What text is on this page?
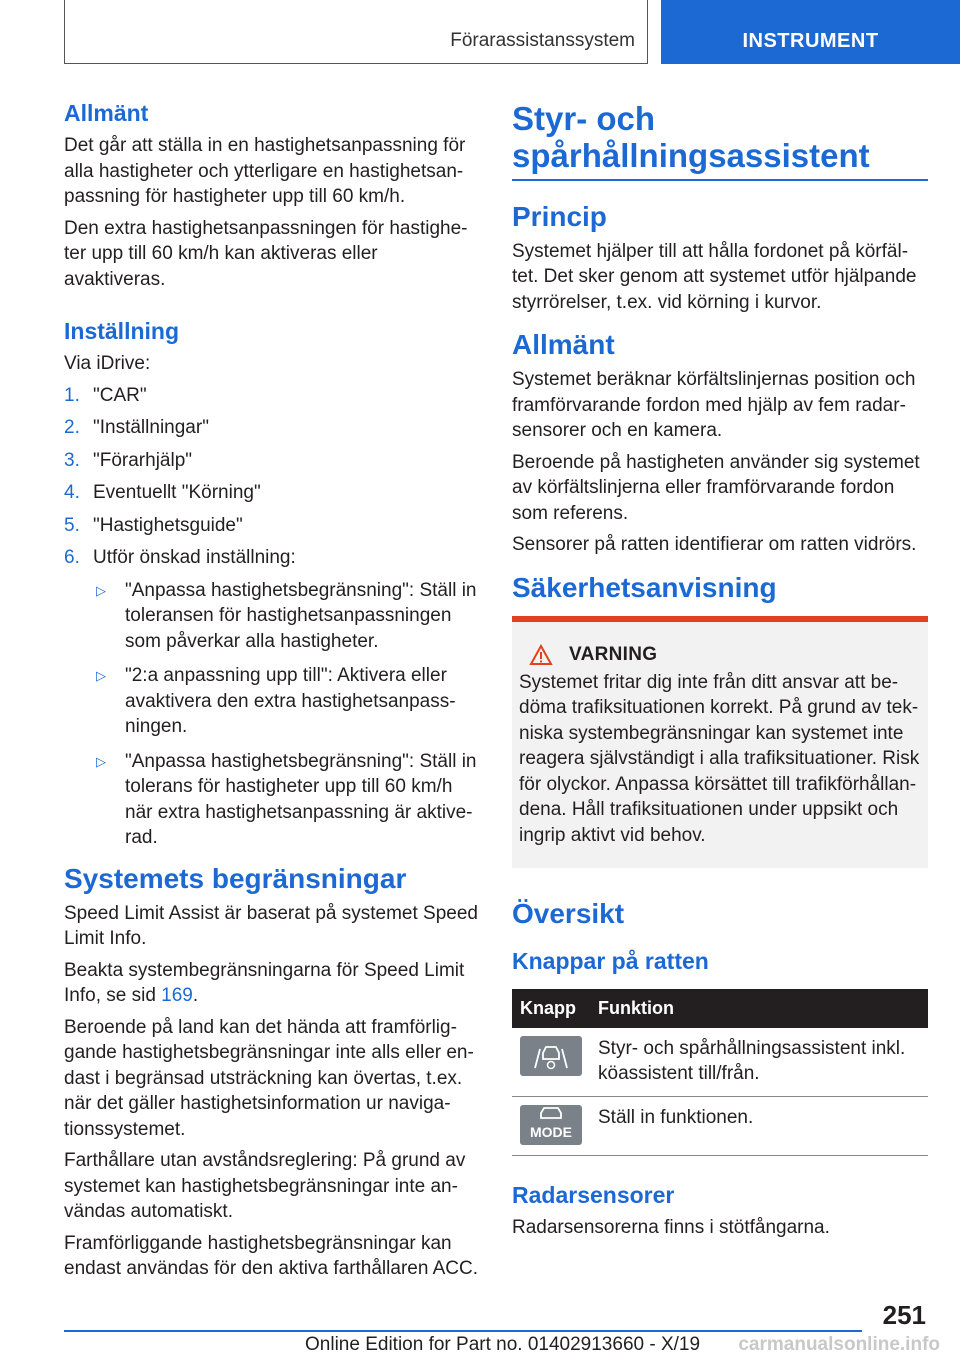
Förarassistanssystem	INSTRUMENT
Allmänt

Det går att ställa in en hastighetsanpassning för alla hastigheter och ytterligare en hastighetsan-passning för hastigheter upp till 60 km/h.

Den extra hastighetsanpassningen för hastighe-ter upp till 60 km/h kan aktiveras eller avaktiveras.

Inställning

Via iDrive:

1. "CAR"
2. "Inställningar"
3. "Förarhjälp"
4. Eventuellt "Körning"
5. "Hastighetsguide"
6. Utför önskad inställning:
▷	"Anpassa hastighetsbegränsning": Ställ in toleransen för hastighetsanpassningen som påverkar alla hastigheter.
▷	"2:a anpassning upp till": Aktivera eller avaktivera den extra hastighetsanpass-ningen.
▷	"Anpassa hastighetsbegränsning": Ställ in tolerans för hastigheter upp till 60 km/h när extra hastighetsanpassning är aktive-rad.
Systemets begränsningar

Speed Limit Assist är baserat på systemet Speed Limit Info.

Beakta systembegränsningarna för Speed Limit Info, se sid 169.

Beroende på land kan det hända att framförlig-gande hastighetsbegränsningar inte alls eller en-dast i begränsad utsträckning kan övertas, t.ex. när det gäller hastighetsinformation ur naviga-tionssystemet.

Farthållare utan avståndsreglering: På grund av systemet kan hastighetsbegränsningar inte an-vändas automatiskt.

Framförliggande hastighetsbegränsningar kan endast användas för den aktiva farthållaren ACC.

Styr- och spårhållningsassistent
Princip

Systemet hjälper till att hålla fordonet på körfäl-tet. Det sker genom att systemet utför hjälpande styrrörelser, t.ex. vid körning i kurvor.

Allmänt

Systemet beräknar körfältslinjernas position och framförvarande fordon med hjälp av fem radar-sensorer och en kamera.

Beroende på hastigheten använder sig systemet av körfältslinjerna eller framförvarande fordon som referens.

Sensorer på ratten identifierar om ratten vidrörs.

Säkerhetsanvisning
VARNING

Systemet fritar dig inte från ditt ansvar att be-döma trafiksituationen korrekt. På grund av tek-niska systembegränsningar kan systemet inte reagera självständigt i alla trafiksituationer. Risk för olyckor. Anpassa körsättet till trafikförhållan-dena. Håll trafiksituationen under uppsikt och ingrip aktivt vid behov.

Översikt
Knappar på ratten
Knapp	Funktion

	Styr- och spårhållningsassistent inkl. köassistent till/från.

MODE	Ställ in funktionen.
Radarsensorer

Radarsensorerna finns i stötfångarna.

251
Online Edition for Part no. 01402913660 - X/19 carmanualsonline.info
